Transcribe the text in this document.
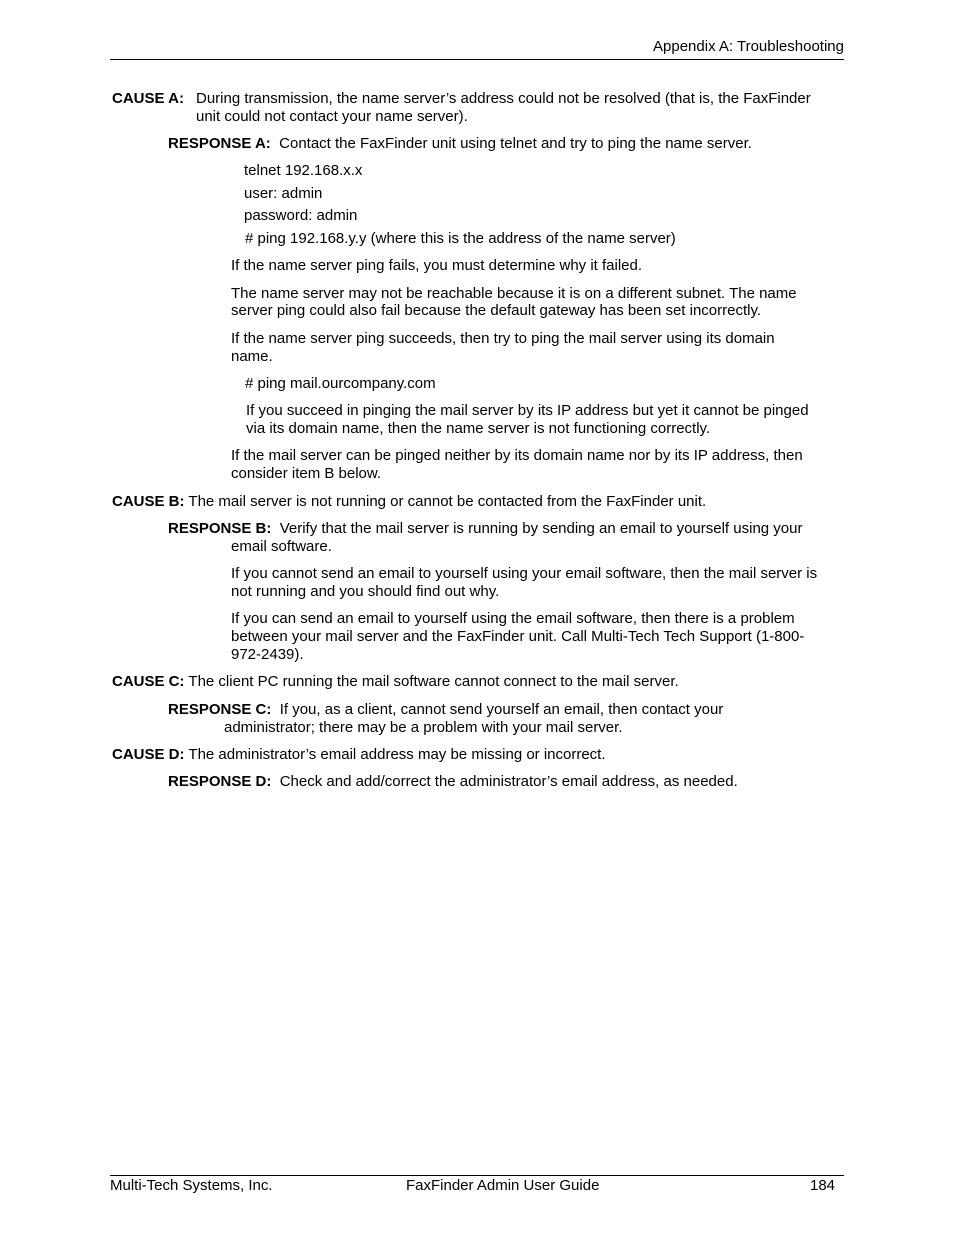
Appendix A: Troubleshooting
CAUSE A: During transmission, the name server’s address could not be resolved (that is, the FaxFinder
unit could not contact your name server).
RESPONSE A: Contact the FaxFinder unit using telnet and try to ping the name server.
telnet 192.168.x.x
user: admin
password: admin
# ping 192.168.y.y (where this is the address of the name server)
If the name server ping fails, you must determine why it failed.
The name server may not be reachable because it is on a different subnet. The name
server ping could also fail because the default gateway has been set incorrectly.
If the name server ping succeeds, then try to ping the mail server using its domain
name.
# ping mail.ourcompany.com
If you succeed in pinging the mail server by its IP address but yet it cannot be pinged
via its domain name, then the name server is not functioning correctly.
If the mail server can be pinged neither by its domain name nor by its IP address, then
consider item B below.
CAUSE B: The mail server is not running or cannot be contacted from the FaxFinder unit.
RESPONSE B: Verify that the mail server is running by sending an email to yourself using your
email software.
If you cannot send an email to yourself using your email software, then the mail server is
not running and you should find out why.
If you can send an email to yourself using the email software, then there is a problem
between your mail server and the FaxFinder unit. Call Multi-Tech Tech Support (1-800-
972-2439).
CAUSE C: The client PC running the mail software cannot connect to the mail server.
RESPONSE C: If you, as a client, cannot send yourself an email, then contact your
administrator; there may be a problem with your mail server.
CAUSE D: The administrator’s email address may be missing or incorrect.
RESPONSE D: Check and add/correct the administrator’s email address, as needed.
Multi-Tech Systems, Inc.	FaxFinder Admin User Guide	184
